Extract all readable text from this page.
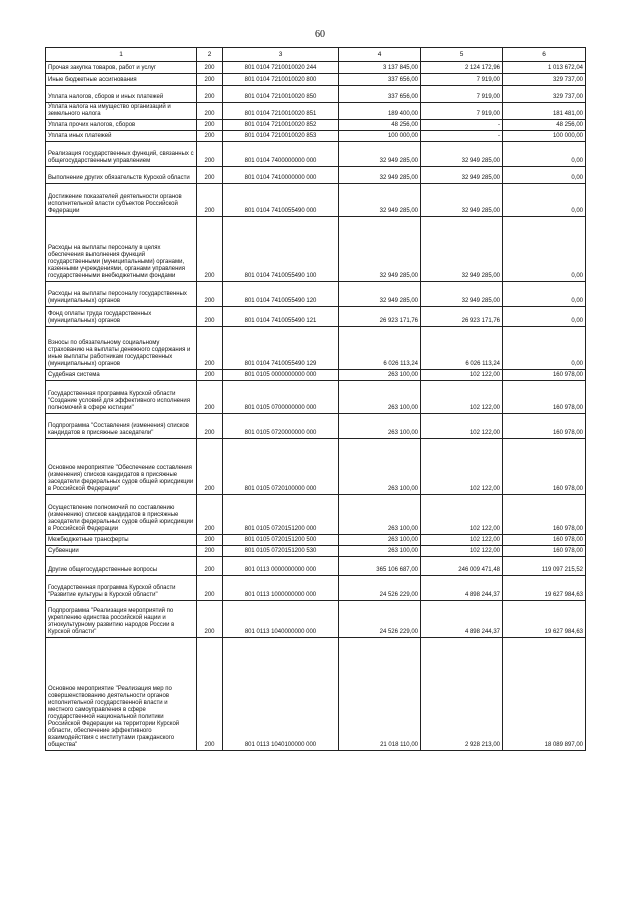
60
1	2	3	4	5	6
Прочая закупка товаров, работ и услуг	200	801 0104 7210010020 244	3 137 845,00	2 124 172,96	1 013 672,04
Иные бюджетные ассигнования	200	801 0104 7210010020 800	337 656,00	7 919,00	329 737,00
Уплата налогов, сборов и иных платежей	200	801 0104 7210010020 850	337 656,00	7 919,00	329 737,00
Уплата налога на имущество организаций и земельного налога	200	801 0104 7210010020 851	189 400,00	7 919,00	181 481,00
Уплата прочих налогов, сборов	200	801 0104 7210010020 852	48 256,00	-	48 256,00
Уплата иных платежей	200	801 0104 7210010020 853	100 000,00	-	100 000,00
Реализация государственных функций, связанных с общегосударственным управлением	200	801 0104 7400000000 000	32 949 285,00	32 949 285,00	0,00
Выполнение других обязательств Курской области	200	801 0104 7410000000 000	32 949 285,00	32 949 285,00	0,00
Достижение показателей деятельности органов исполнительной власти субъектов Российской Федерации	200	801 0104 7410055490 000	32 949 285,00	32 949 285,00	0,00
Расходы на выплаты персоналу в целях обеспечения выполнения функций государственными (муниципальными) органами, казенными учреждениями, органами управления государственными внебюджетными фондами	200	801 0104 7410055490 100	32 949 285,00	32 949 285,00	0,00
Расходы на выплаты персоналу государственных (муниципальных) органов	200	801 0104 7410055490 120	32 949 285,00	32 949 285,00	0,00
Фонд оплаты труда государственных (муниципальных) органов	200	801 0104 7410055490 121	26 923 171,76	26 923 171,76	0,00
Взносы по обязательному социальному страхованию на выплаты денежного содержания и иные выплаты работникам государственных (муниципальных) органов	200	801 0104 7410055490 129	6 026 113,24	6 026 113,24	0,00
Судебная система	200	801 0105 0000000000 000	263 100,00	102 122,00	160 978,00
Государственная программа Курской области "Создание условий для эффективного исполнения полномочий в сфере юстиции"	200	801 0105 0700000000 000	263 100,00	102 122,00	160 978,00
Подпрограмма "Составления (изменения) списков кандидатов в присяжные заседатели"	200	801 0105 0720000000 000	263 100,00	102 122,00	160 978,00
Основное мероприятие "Обеспечение составления (изменения) списков кандидатов в присяжные заседатели федеральных судов общей юрисдикции в Российской Федерации"	200	801 0105 0720100000 000	263 100,00	102 122,00	160 978,00
Осуществление полномочий по составлению (изменению) списков кандидатов в присяжные заседатели федеральных судов общей юрисдикции в Российской Федерации	200	801 0105 0720151200 000	263 100,00	102 122,00	160 978,00
Межбюджетные трансферты	200	801 0105 0720151200 500	263 100,00	102 122,00	160 978,00
Субвенции	200	801 0105 0720151200 530	263 100,00	102 122,00	160 978,00
Другие общегосударственные вопросы	200	801 0113 0000000000 000	365 106 687,00	246 009 471,48	119 097 215,52
Государственная программа Курской области "Развитие культуры в Курской области"	200	801 0113 1000000000 000	24 526 229,00	4 898 244,37	19 627 984,63
Подпрограмма "Реализация мероприятий по укреплению единства российской нации и этнокультурному развитию народов России в Курской области"	200	801 0113 1040000000 000	24 526 229,00	4 898 244,37	19 627 984,63
Основное мероприятие "Реализация мер по совершенствованию деятельности органов исполнительной государственной власти и местного самоуправления в сфере государственной национальной политики Российской Федерации на территории Курской области, обеспечение эффективного взаимодействия с институтами гражданского общества"	200	801 0113 1040100000 000	21 018 110,00	2 928 213,00	18 089 897,00
